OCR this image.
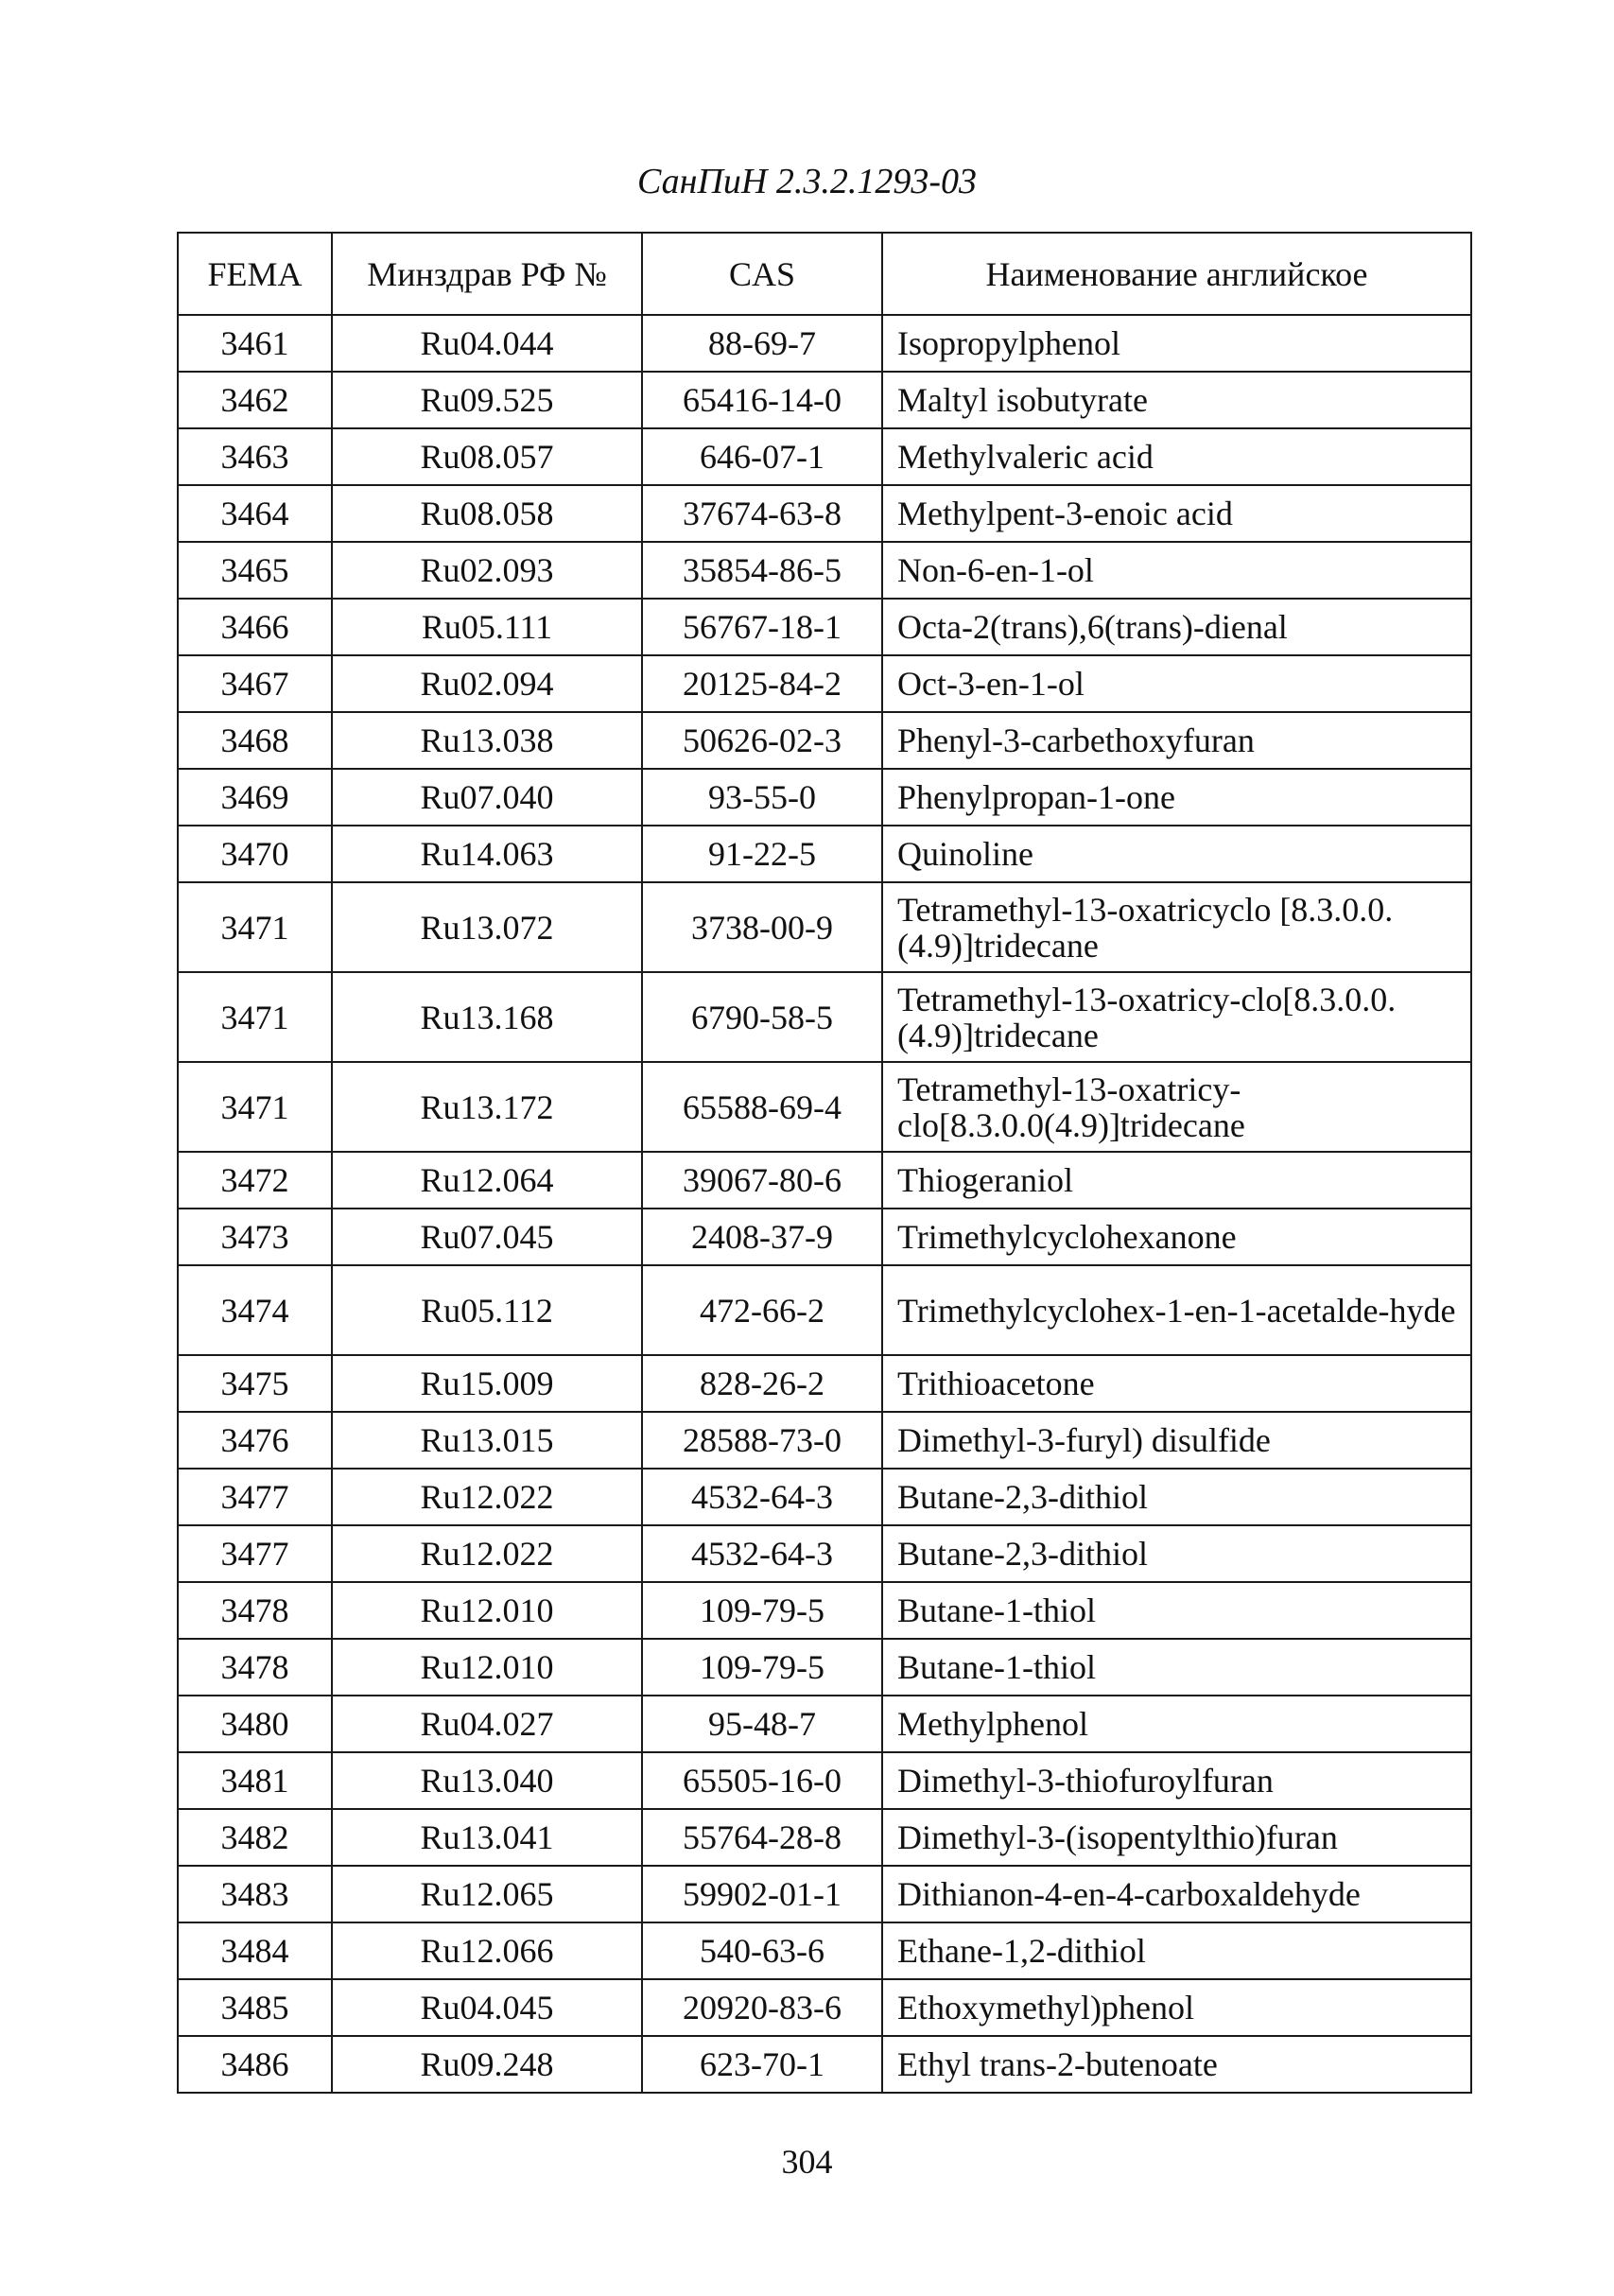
СанПиН 2.3.2.1293-03
FEMA	Минздрав РФ №	CAS	Наименование английское
3461	Ru04.044	88-69-7	Isopropylphenol
3462	Ru09.525	65416-14-0	Maltyl isobutyrate
3463	Ru08.057	646-07-1	Methylvaleric acid
3464	Ru08.058	37674-63-8	Methylpent-3-enoic acid
3465	Ru02.093	35854-86-5	Non-6-en-1-ol
3466	Ru05.111	56767-18-1	Octa-2(trans),6(trans)-dienal
3467	Ru02.094	20125-84-2	Oct-3-en-1-ol
3468	Ru13.038	50626-02-3	Phenyl-3-carbethoxyfuran
3469	Ru07.040	93-55-0	Phenylpropan-1-one
3470	Ru14.063	91-22-5	Quinoline
3471	Ru13.072	3738-00-9	Tetramethyl-13-oxatricyclo [8.3.0.0.(4.9)]tridecane
3471	Ru13.168	6790-58-5	Tetramethyl-13-oxatricy-clo[8.3.0.0.(4.9)]tridecane
3471	Ru13.172	65588-69-4	Tetramethyl-13-oxatricy-clo[8.3.0.0(4.9)]tridecane
3472	Ru12.064	39067-80-6	Thiogeraniol
3473	Ru07.045	2408-37-9	Trimethylcyclohexanone
3474	Ru05.112	472-66-2	Trimethylcyclohex-1-en-1-acetalde-hyde
3475	Ru15.009	828-26-2	Trithioacetone
3476	Ru13.015	28588-73-0	Dimethyl-3-furyl) disulfide
3477	Ru12.022	4532-64-3	Butane-2,3-dithiol
3477	Ru12.022	4532-64-3	Butane-2,3-dithiol
3478	Ru12.010	109-79-5	Butane-1-thiol
3478	Ru12.010	109-79-5	Butane-1-thiol
3480	Ru04.027	95-48-7	Methylphenol
3481	Ru13.040	65505-16-0	Dimethyl-3-thiofuroylfuran
3482	Ru13.041	55764-28-8	Dimethyl-3-(isopentylthio)furan
3483	Ru12.065	59902-01-1	Dithianon-4-en-4-carboxaldehyde
3484	Ru12.066	540-63-6	Ethane-1,2-dithiol
3485	Ru04.045	20920-83-6	Ethoxymethyl)phenol
3486	Ru09.248	623-70-1	Ethyl trans-2-butenoate
304
